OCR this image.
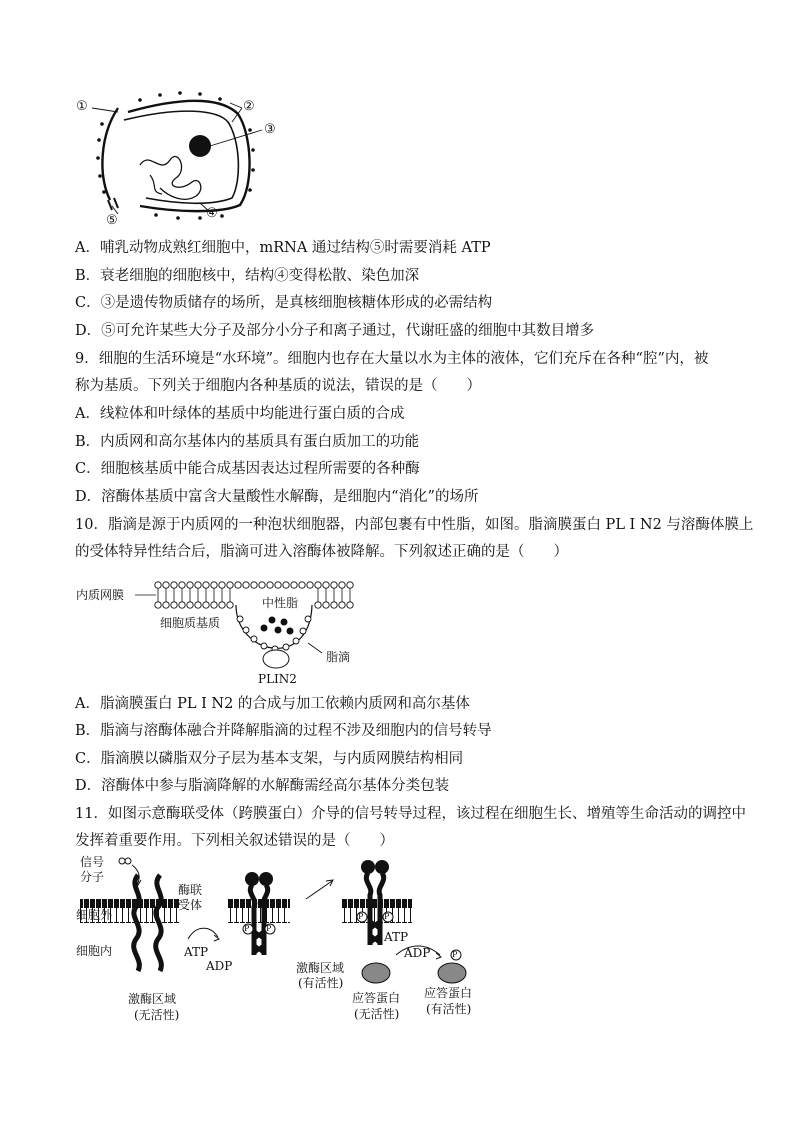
①	②
③
④
⑤
A．哺乳动物成熟红细胞中，mRNA 通过结构⑤时需要消耗 ATP
B．衰老细胞的细胞核中，结构④变得松散、染色加深
C．③是遗传物质储存的场所，是真核细胞核糖体形成的必需结构
D．⑤可允许某些大分子及部分小分子和离子通过，代谢旺盛的细胞中其数目增多
9．细胞的生活环境是“水环境”。细胞内也存在大量以水为主体的液体，它们充斥在各种“腔”内，被
称为基质。下列关于细胞内各种基质的说法，错误的是（　　）
A．线粒体和叶绿体的基质中均能进行蛋白质的合成
B．内质网和高尔基体内的基质具有蛋白质加工的功能
C．细胞核基质中能合成基因表达过程所需要的各种酶
D．溶酶体基质中富含大量酸性水解酶，是细胞内“消化”的场所
10．脂滴是源于内质网的一种泡状细胞器，内部包裹有中性脂，如图。脂滴膜蛋白 PL I N2 与溶酶体膜上
的受体特异性结合后，脂滴可进入溶酶体被降解。下列叙述正确的是（　　）
内质网膜
中性脂
细胞质基质
脂滴
PLIN2
A．脂滴膜蛋白 PL I N2 的合成与加工依赖内质网和高尔基体
B．脂滴与溶酶体融合并降解脂滴的过程不涉及细胞内的信号转导
C．脂滴膜以磷脂双分子层为基本支架，与内质网膜结构相同
D．溶酶体中参与脂滴降解的水解酶需经高尔基体分类包装
11．如图示意酶联受体（跨膜蛋白）介导的信号转导过程，该过程在细胞生长、增殖等生命活动的调控中
发挥着重要作用。下列相关叙述错误的是（　　）
信号
分子
酶联
受体
细胞外
细胞内
激酶区域
(无活性)
ATP
ADP
P P
激酶区域
(有活性)
P	P
ATP
ADP	P
应答蛋白
(无活性)
应答蛋白
(有活性)
